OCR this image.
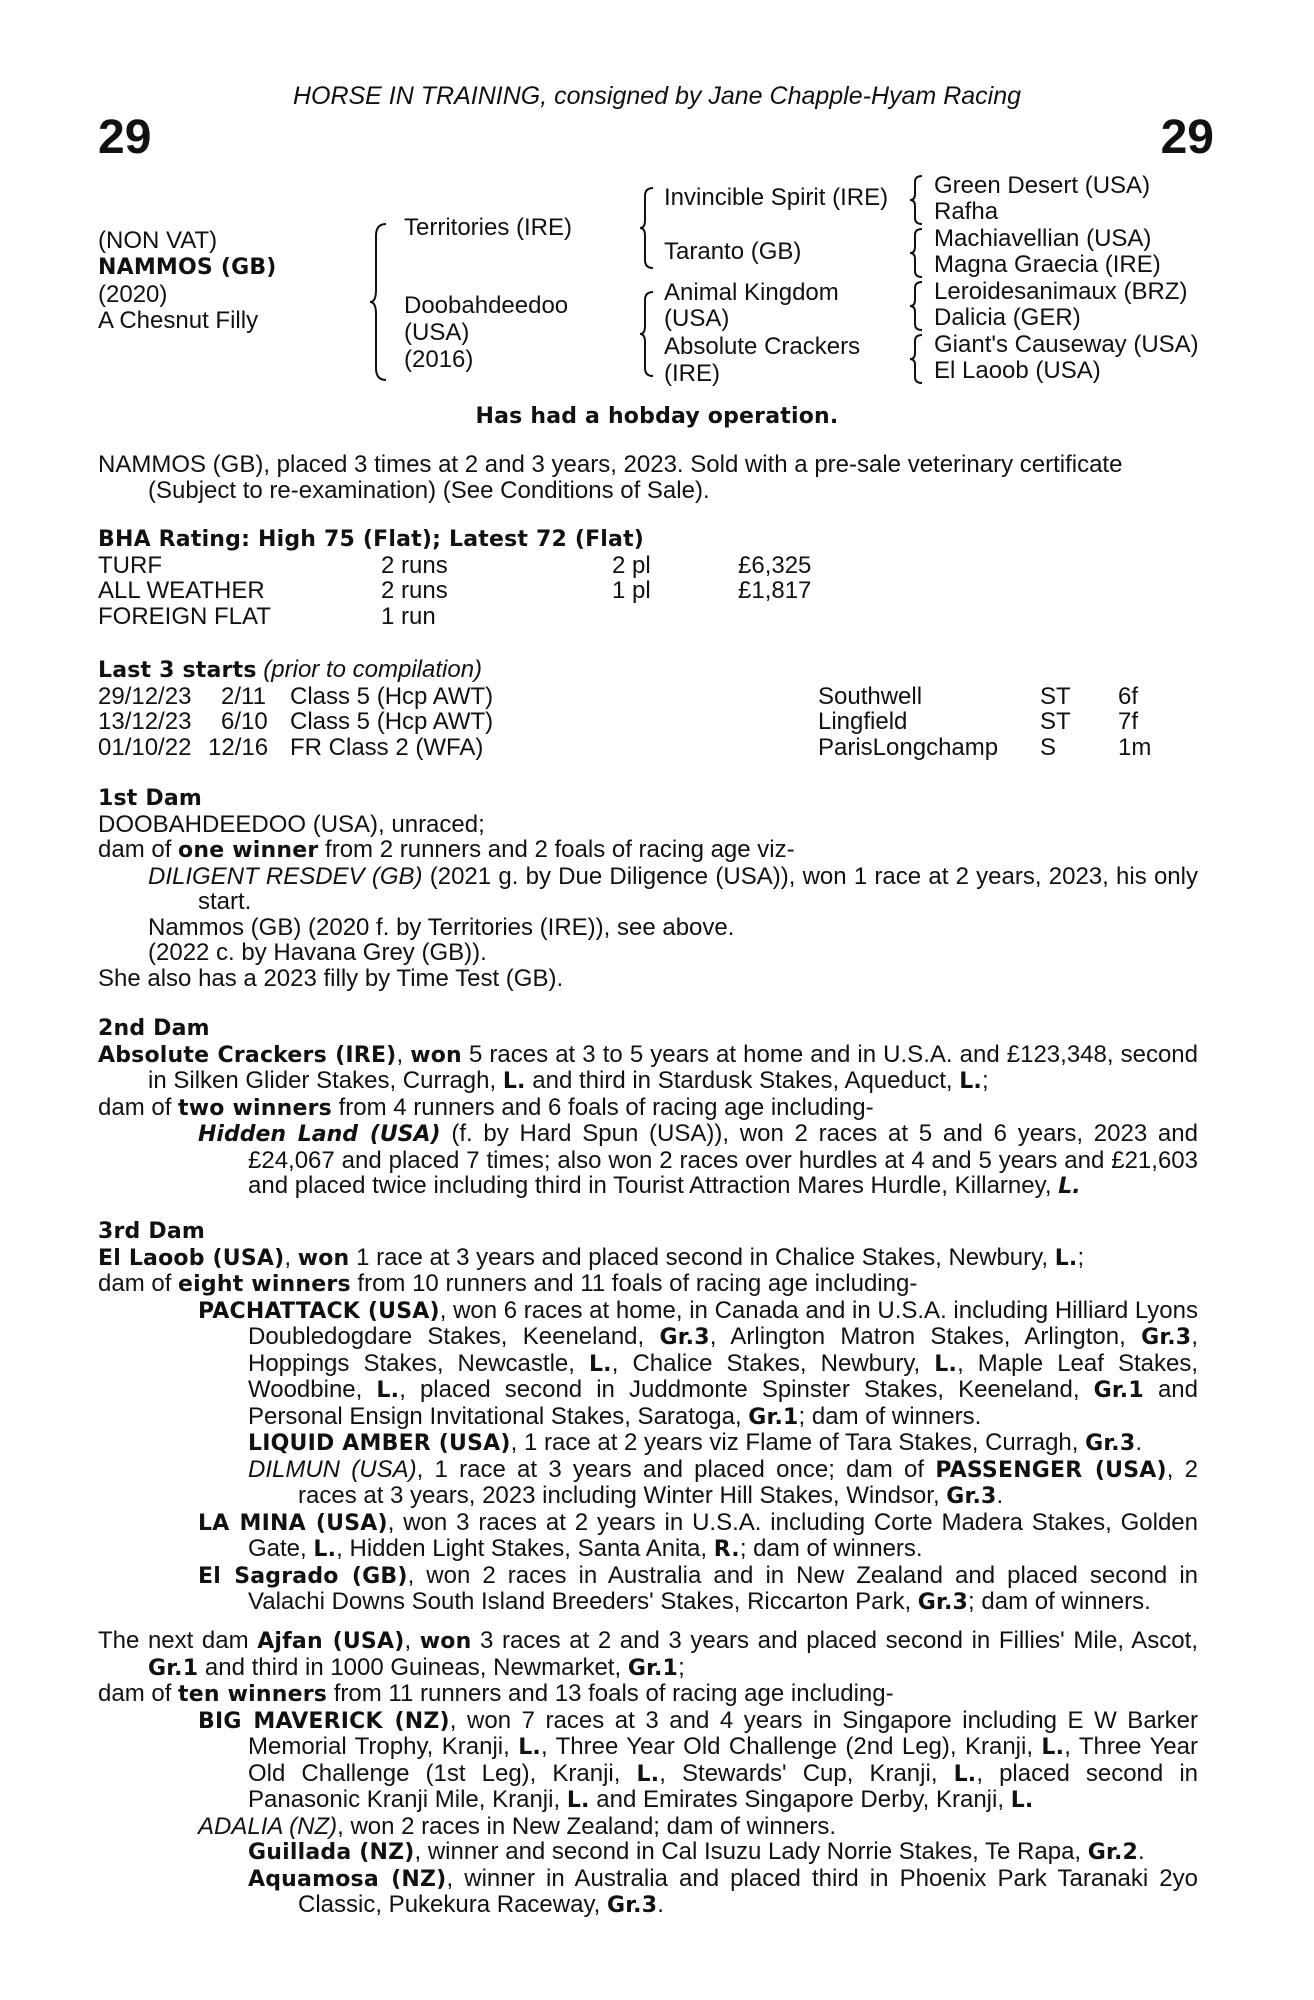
HORSE IN TRAINING, consigned by Jane Chapple-Hyam Racing
29	29
(NON VAT)
NAMMOS (GB)
(2020)
A Chesnut Filly
Territories (IRE)
Doobahdeedoo
(USA)
(2016)
Invincible Spirit (IRE)
Taranto (GB)
Animal Kingdom
(USA)
Absolute Crackers
(IRE)
Green Desert (USA)
Rafha
Machiavellian (USA)
Magna Graecia (IRE)
Leroidesanimaux (BRZ)
Dalicia (GER)
Giant's Causeway (USA)
El Laoob (USA)
Has had a hobday operation.

NAMMOS (GB), placed 3 times at 2 and 3 years, 2023. Sold with a pre-sale veterinary certificate

(Subject to re-examination) (See Conditions of Sale).

BHA Rating: High 75 (Flat); Latest 72 (Flat)

TURF	2 runs	2 pl	£6,325
ALL WEATHER	2 runs	1 pl	£1,817
FOREIGN FLAT	1 run

Last 3 starts (prior to compilation)

29/12/23 2/11 Class 5 (Hcp AWT)	Southwell	ST 6f
13/12/23 6/10 Class 5 (Hcp AWT)	Lingfield	ST 7f
01/10/22 12/16 FR Class 2 (WFA)	ParisLongchamp S	1m

1st Dam

DOOBAHDEEDOO (USA), unraced;

dam of one winner from 2 runners and 2 foals of racing age viz-

DILIGENT RESDEV (GB) (2021 g. by Due Diligence (USA)), won 1 race at 2 years, 2023, his only start.

Nammos (GB) (2020 f. by Territories (IRE)), see above.

(2022 c. by Havana Grey (GB)).

She also has a 2023 filly by Time Test (GB).

2nd Dam

Absolute Crackers (IRE), won 5 races at 3 to 5 years at home and in U.S.A. and £123,348, second in Silken Glider Stakes, Curragh, L. and third in Stardusk Stakes, Aqueduct, L.;

dam of two winners from 4 runners and 6 foals of racing age including-

Hidden Land (USA) (f. by Hard Spun (USA)), won 2 races at 5 and 6 years, 2023 and £24,067 and placed 7 times; also won 2 races over hurdles at 4 and 5 years and £21,603 and placed twice including third in Tourist Attraction Mares Hurdle, Killarney, L.

3rd Dam

El Laoob (USA), won 1 race at 3 years and placed second in Chalice Stakes, Newbury, L.;

dam of eight winners from 10 runners and 11 foals of racing age including-

PACHATTACK (USA), won 6 races at home, in Canada and in U.S.A. including Hilliard Lyons Doubledogdare Stakes, Keeneland, Gr.3, Arlington Matron Stakes, Arlington, Gr.3, Hoppings Stakes, Newcastle, L., Chalice Stakes, Newbury, L., Maple Leaf Stakes, Woodbine, L., placed second in Juddmonte Spinster Stakes, Keeneland, Gr.1 and Personal Ensign Invitational Stakes, Saratoga, Gr.1; dam of winners.

LIQUID AMBER (USA), 1 race at 2 years viz Flame of Tara Stakes, Curragh, Gr.3.

DILMUN (USA), 1 race at 3 years and placed once; dam of PASSENGER (USA), 2 races at 3 years, 2023 including Winter Hill Stakes, Windsor, Gr.3.

LA MINA (USA), won 3 races at 2 years in U.S.A. including Corte Madera Stakes, Golden Gate, L., Hidden Light Stakes, Santa Anita, R.; dam of winners.

El Sagrado (GB), won 2 races in Australia and in New Zealand and placed second in Valachi Downs South Island Breeders' Stakes, Riccarton Park, Gr.3; dam of winners.

The next dam Ajfan (USA), won 3 races at 2 and 3 years and placed second in Fillies' Mile, Ascot, Gr.1 and third in 1000 Guineas, Newmarket, Gr.1;

dam of ten winners from 11 runners and 13 foals of racing age including-

BIG MAVERICK (NZ), won 7 races at 3 and 4 years in Singapore including E W Barker Memorial Trophy, Kranji, L., Three Year Old Challenge (2nd Leg), Kranji, L., Three Year Old Challenge (1st Leg), Kranji, L., Stewards' Cup, Kranji, L., placed second in Panasonic Kranji Mile, Kranji, L. and Emirates Singapore Derby, Kranji, L.

ADALIA (NZ), won 2 races in New Zealand; dam of winners.

Guillada (NZ), winner and second in Cal Isuzu Lady Norrie Stakes, Te Rapa, Gr.2.

Aquamosa (NZ), winner in Australia and placed third in Phoenix Park Taranaki 2yo Classic, Pukekura Raceway, Gr.3.
